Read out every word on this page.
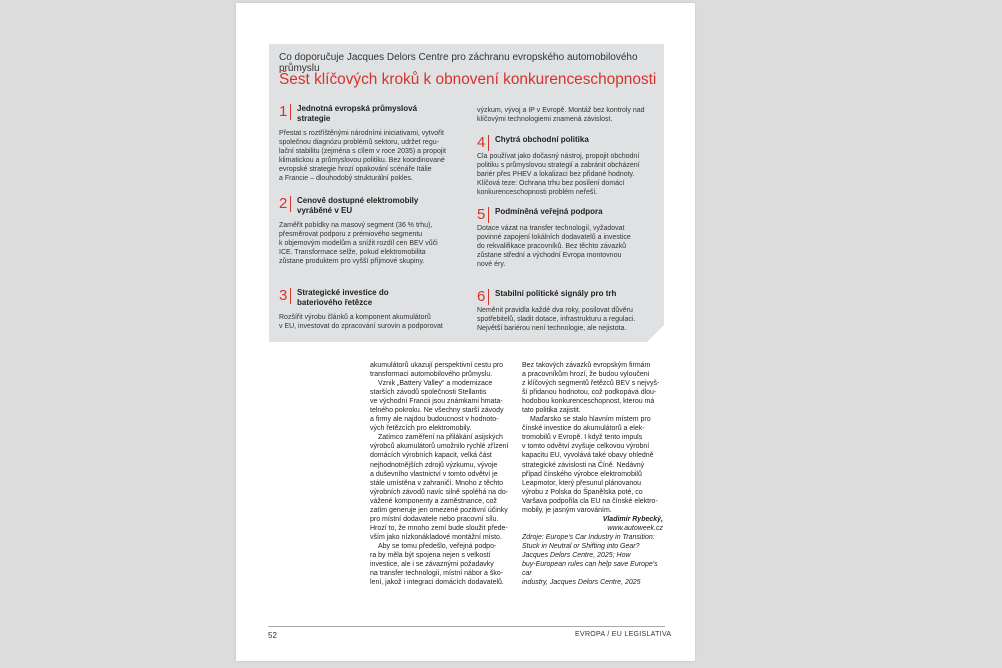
Co doporučuje Jacques Delors Centre pro záchranu evropského automobilového průmyslu
Šest klíčových kroků k obnovení konkurenceschopnosti
1	Jednotná evropská průmyslová strategie
Přestat s roztříštěnými národními iniciativami, vytvořit
společnou diagnózu problémů sektoru, udržet regu-
lační stabilitu (zejména s cílem v roce 2035) a propojit
klimatickou a průmyslovou politiku. Bez koordinované
evropské strategie hrozí opakování scénáře Itálie
a Francie – dlouhodobý strukturální pokles.
2	Cenově dostupné elektromobily vyráběné v EU
Zaměřit pobídky na masový segment (36 % trhu),
přesměrovat podporu z prémiového segmentu
k objemovým modelům a snížit rozdíl cen BEV vůči
ICE. Transformace selže, pokud elektromobilita
zůstane produktem pro vyšší příjmové skupiny.
3	Strategické investice do bateriového řetězce
Rozšířit výrobu článků a komponent akumulátorů
v EU, investovat do zpracování surovin a podporovat
4	Chytrá obchodní politika
Cla používat jako dočasný nástroj, propojit obchodní
politiku s průmyslovou strategií a zabránit obcházení
bariér přes PHEV a lokalizaci bez přidané hodnoty.
Klíčová teze: Ochrana trhu bez posílení domácí
konkurenceschopnosti problém neřeší.
5	Podmíněná veřejná podpora
Dotace vázat na transfer technologií, vyžadovat
povinné zapojení lokálních dodavatelů a investice
do rekvalifikace pracovníků. Bez těchto závazků
zůstane střední a východní Evropa montovnou
nové éry.
6	Stabilní politické signály pro trh
Neměnit pravidla každé dva roky, posilovat důvěru
spotřebitelů, sladit dotace, infrastrukturu a regulaci.
Největší bariérou není technologie, ale nejistota.
výzkum, vývoj a IP v Evropě. Montáž bez kontroly nad
klíčovými technologiemi znamená závislost.

akumulátorů ukazují perspektivní cestu pro
transformaci automobilového průmyslu.

Vznik „Battery Valley“ a modernizace
starších závodů společnosti Stellantis
ve východní Francii jsou známkami hmata-
telného pokroku. Ne všechny starší závody
a firmy ale najdou budoucnost v hodnoto-
vých řetězcích pro elektromobily.

Zatímco zaměření na přilákání asijských
výrobců akumulátorů umožnilo rychlé zřízení
domácích výrobních kapacit, velká část
nejhodnotnějších zdrojů výzkumu, vývoje
a duševního vlastnictví v tomto odvětví je
stále umístěna v zahraničí. Mnoho z těchto
výrobních závodů navíc silně spoléhá na do-
vážené komponenty a zaměstnance, což
zatím generuje jen omezené pozitivní účinky
pro místní dodavatele nebo pracovní sílu.
Hrozí to, že mnoho zemí bude sloužit přede-
vším jako nízkonákladové montážní místo.

Aby se tomu předešlo, veřejná podpo-
ra by měla být spojena nejen s velkostí
investice, ale i se závaznými požadavky
na transfer technologií, místní nábor a ško-
lení, jakož i integraci domácích dodavatelů.

Bez takových závazků evropským firmám
a pracovníkům hrozí, že budou vyloučeni
z klíčových segmentů řetězců BEV s nejvyš-
ší přidanou hodnotou, což podkopává dlou-
hodobou konkurenceschopnost, kterou má
tato politika zajistit.

Maďarsko se stalo hlavním místem pro
čínské investice do akumulátorů a elek-
tromobilů v Evropě. I když tento impuls
v tomto odvětví zvyšuje celkovou výrobní
kapacitu EU, vyvolává také obavy ohledně
strategické závislosti na Číně. Nedávný
případ čínského výrobce elektromobilů
Leapmotor, který přesunul plánovanou
výrobu z Polska do Španělska poté, co
Varšava podpořila cla EU na čínské elektro-
mobily, je jasným varováním.

Vladimír Rybecký,

www.autoweek.cz

Zdroje: Europe's Car Industry in Transition:
Stuck in Neutral or Shifting into Gear?
Jacques Delors Centre, 2025; How
buy-European rules can help save Europe's car
industry, Jacques Delors Centre, 2025

52	EVROPA / EU LEGISLATIVA
